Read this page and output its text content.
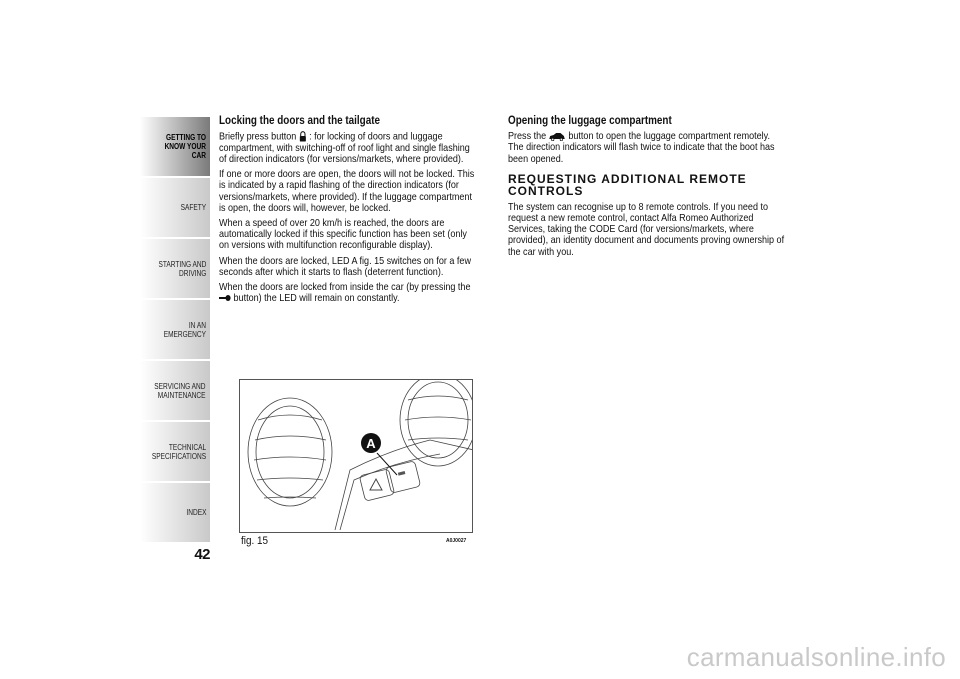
GETTING TO
KNOW YOUR CAR
SAFETY
STARTING AND
DRIVING
IN AN EMERGENCY
SERVICING AND
MAINTENANCE
TECHNICAL
SPECIFICATIONS
INDEX
42
Locking the doors and the tailgate

Briefly press button : for locking of doors and luggage compartment, with switching-off of roof light and single flashing of direction indicators (for versions/markets, where provided).

If one or more doors are open, the doors will not be locked. This is indicated by a rapid flashing of the direction indicators (for versions/markets, where provided). If the luggage compartment is open, the doors will, however, be locked.

When a speed of over 20 km/h is reached, the doors are automatically locked if this specific function has been set (only on versions with multifunction reconfigurable display).

When the doors are locked, LED A fig. 15 switches on for a few seconds after which it starts to flash (deterrent function).

When the doors are locked from inside the car (by pressing the
button) the LED will remain on constantly.

Opening the luggage compartment

Press the button to open the luggage compartment remotely. The direction indicators will flash twice to indicate that the boot has been opened.

REQUESTING ADDITIONAL REMOTE CONTROLS

The system can recognise up to 8 remote controls. If you need to request a new remote control, contact Alfa Romeo Authorized Services, taking the CODE Card (for versions/markets, where provided), an identity document and documents proving ownership of the car with you.

A
fig. 15	A0J0027
carmanualsonline.info
